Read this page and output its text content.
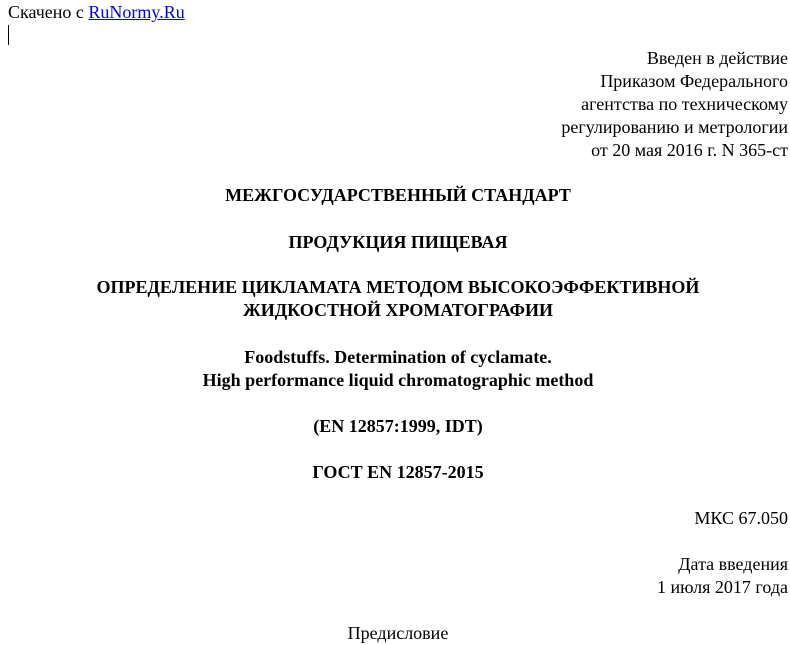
Скачено с RuNormy.Ru
Введен в действие
Приказом Федерального
агентства по техническому
регулированию и метрологии
от 20 мая 2016 г. N 365-ст
МЕЖГОСУДАРСТВЕННЫЙ СТАНДАРТ
ПРОДУКЦИЯ ПИЩЕВАЯ
ОПРЕДЕЛЕНИЕ ЦИКЛАМАТА МЕТОДОМ ВЫСОКОЭФФЕКТИВНОЙ
ЖИДКОСТНОЙ ХРОМАТОГРАФИИ
Foodstuffs. Determination of cyclamate.
High performance liquid chromatographic method
(EN 12857:1999, IDT)
ГОСТ EN 12857-2015
МКС 67.050
Дата введения
1 июля 2017 года
Предисловие
